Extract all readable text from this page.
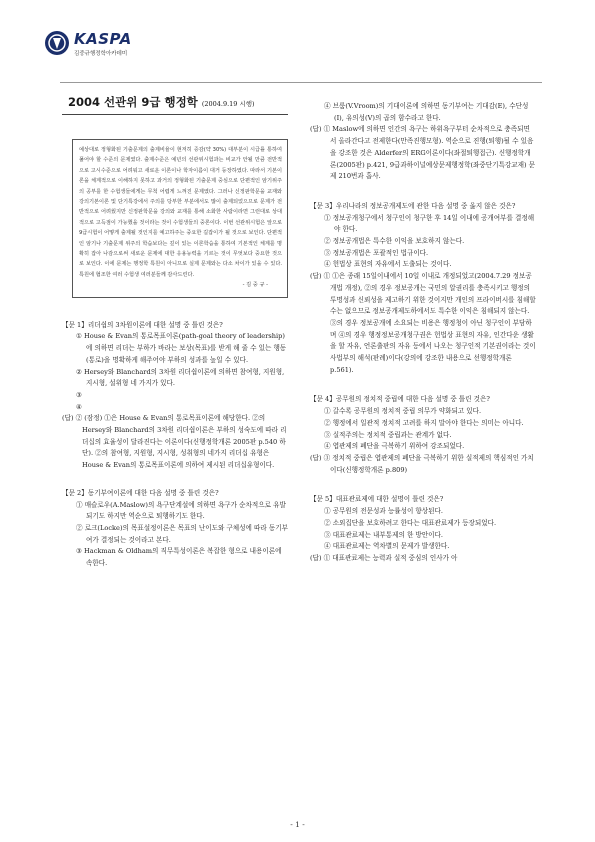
KASPA
김중규행정학아카데미
2004 선관위 9급 행정학 (2004.9.19 시행)
예상대로 정형화된 기출문제의 출제비율이 현저히 증감(약 30%) 대부분이 시급률 통하여 풀어야 할 수준의 문제였다. 출제수준은 예년의 선관위시험과는 비교가 안될 만큼 전반적으로 고시수준으로 어려워고 새로운 이론이나 학자이름이 대거 등장하였다. 따라서 기본이론을 체계적으로 이해하지 못하고 과거의 정형화된 기출문제 중심으로 단편적인 암기위주의 공부를 한 수험생들에게는 무척 어렵게 느껴진 문제였다. 그러나 신정판학문을 교재와 강의기본이론 및 단기특강에서 주의를 당부한 부분에서도 많이 출제되었으므로 문제가 전반적으로 어려웠지만 신정판학문을 강의와 교재를 통해 소화한 사람이라면 그런대로 상대적으로 고득점이 가능했을 것이라는 것이 수험생들의 중론이다. 이번 선관위시험은 앞으로 9급시험이 어떻게 출제될 것인지를 예고하주는 중요한 길잡이가 될 것으로 보인다. 단편적인 암기나 기출문제 위주의 학습보다는 깊이 있는 이론학습을 통하여 기본적인 체계를 명확히 잡아 나감으로써 새로운 문제에 대한 응용능력을 기르는 것이 무엇보다 중요한 것으로 보인다. 이에 문제는 행정학 특원이 아니므로 실제 문제와는 다소 차이가 있을 수 있다. 특원에 협조한 여러 수험생 여러분들께 감사드린다.
- 김 중 규 -

【문 1】리더쉽의 3차원이론에 대한 설명 중 틀린 것은?

① House & Evan의 통로목표이론(path-goal theory of leadership)에 의하면 리더는 부하가 바라는 보상(목표)를 받게 해 줄 수 있는 행동(통로)을 명확하게 해주어야 부하의 성과를 높일 수 있다.

② Hersey와 Blanchard의 3차원 리더쉽이론에 의하면 참여형, 지원형, 지시형, 설위형 네 가지가 있다.

③

④

(답) ② (잠정) ①은 House & Evan의 통로목표이론에 해당한다. ②의 Hersey와 Blanchard의 3차원 리더쉽이론은 부하의 성숙도에 따라 리더십의 효율성이 달라진다는 이론이다(신행정학개론 2005판 p.540 하단). ②의 참여형, 지원형, 지시형, 성취형의 네가지 리더십 유형은 House & Evan의 통로목표이론에 의하여 제시된 리더십유형이다.

【문 2】동기부여이론에 대한 다음 설명 중 틀린 것은?

① 매슬로우(A.Maslow)의 욕구단계설에 의하면 욕구가 순차적으로 유발되기도 하지만 역순으로 퇴행하기도 한다.

② 로크(Locke)의 목표설정이론은 목표의 난이도와 구체성에 따라 동기부여가 결정되는 것이라고 본다.

③ Hackman & Oldham의 직무특성이론은 복잡한 형으로 내용이론에 속한다.

④ 브룸(V.Vroom)의 기대이론에 의하면 동기부여는 기대감(E), 수단성(I), 유의성(V)의 곱의 함수라고 한다.

(답) ① Maslow에 의하면 인간의 욕구는 하위욕구부터 순차적으로 충족되면서 올라간다고 전제한다(만족진행모형). 역순으로 진행(퇴행)될 수 있음을 강조한 것은 Alderfer의 ERG이론이다(좌절퇴행접근). 신행정학개론(2005판) p.421, 9급과하이널예상문제행정학(좌중단기특강교재) 문제 210번과 흡사.

【문 3】우리나라의 정보공개제도에 관한 다음 설명 중 옳지 않은 것은?

① 정보공개청구에서 청구인이 청구한 후 14일 이내에 공개여부를 결정해야 한다.

② 정보공개법은 특수한 이익을 보호하지 않는다.

③ 정보공개법은 포괄적인 법규이다.

④ 헌법상 표현의 자유에서 도출되는 것이다.

(답) ① ①은 종래 15일이내에서 10일 이내로 개정되었고(2004.7.29 정보공개법 개정), ②의 경우 정보공개는 국민의 알권리를 충족시키고 행정의 투명성과 신뢰성을 제고하기 위한 것이지만 개인의 프라이버시를 침해할 수는 없으므로 정보공개제도하에서도 특수한 이익은 침해되지 않는다. ③의 경우 정보공개에 소요되는 비용은 행정청이 아닌 청구인이 부담하며 ④의 경우 행정정보공개청구권은 헌법상 표현의 자유, 인간다운 생활을 할 자유, 언론출판의 자유 등에서 나오는 청구인적 기본권이라는 것이 사법부의 해석(판례)이다(강의에 강조한 내용으로 선행정학개론 p.561).

【문 4】공무원의 정치적 중립에 대한 다음 설명 중 틀린 것은?

① 갈수록 공무원의 정치적 중립 의무가 약화되고 있다.

② 행정에서 일관적 정치적 고려를 하지 말아야 한다는 의미는 아니다.

③ 실적주의는 정치적 중립과는 관계가 없다.

④ 엽관제의 폐단을 극복하기 위하여 강조되었다.

(답) ③ 정치적 중립은 엽관제의 폐단을 극복하기 위한 실적제의 핵심적인 가치이다(신행정학개론 p.809)

【문 5】대표관료제에 대한 설명이 틀린 것은?

① 공무원의 전문성과 능률성이 향상된다.

② 소외집단을 보호하려고 한다는 대표관료제가 등장되었다.

③ 대표관료제는 내부통제의 한 방안이다.

④ 대표관료제는 역차별의 문제가 발생한다.

(답) ① 대표관료제는 능력과 실적 중심의 인사가 아

- 1 -
